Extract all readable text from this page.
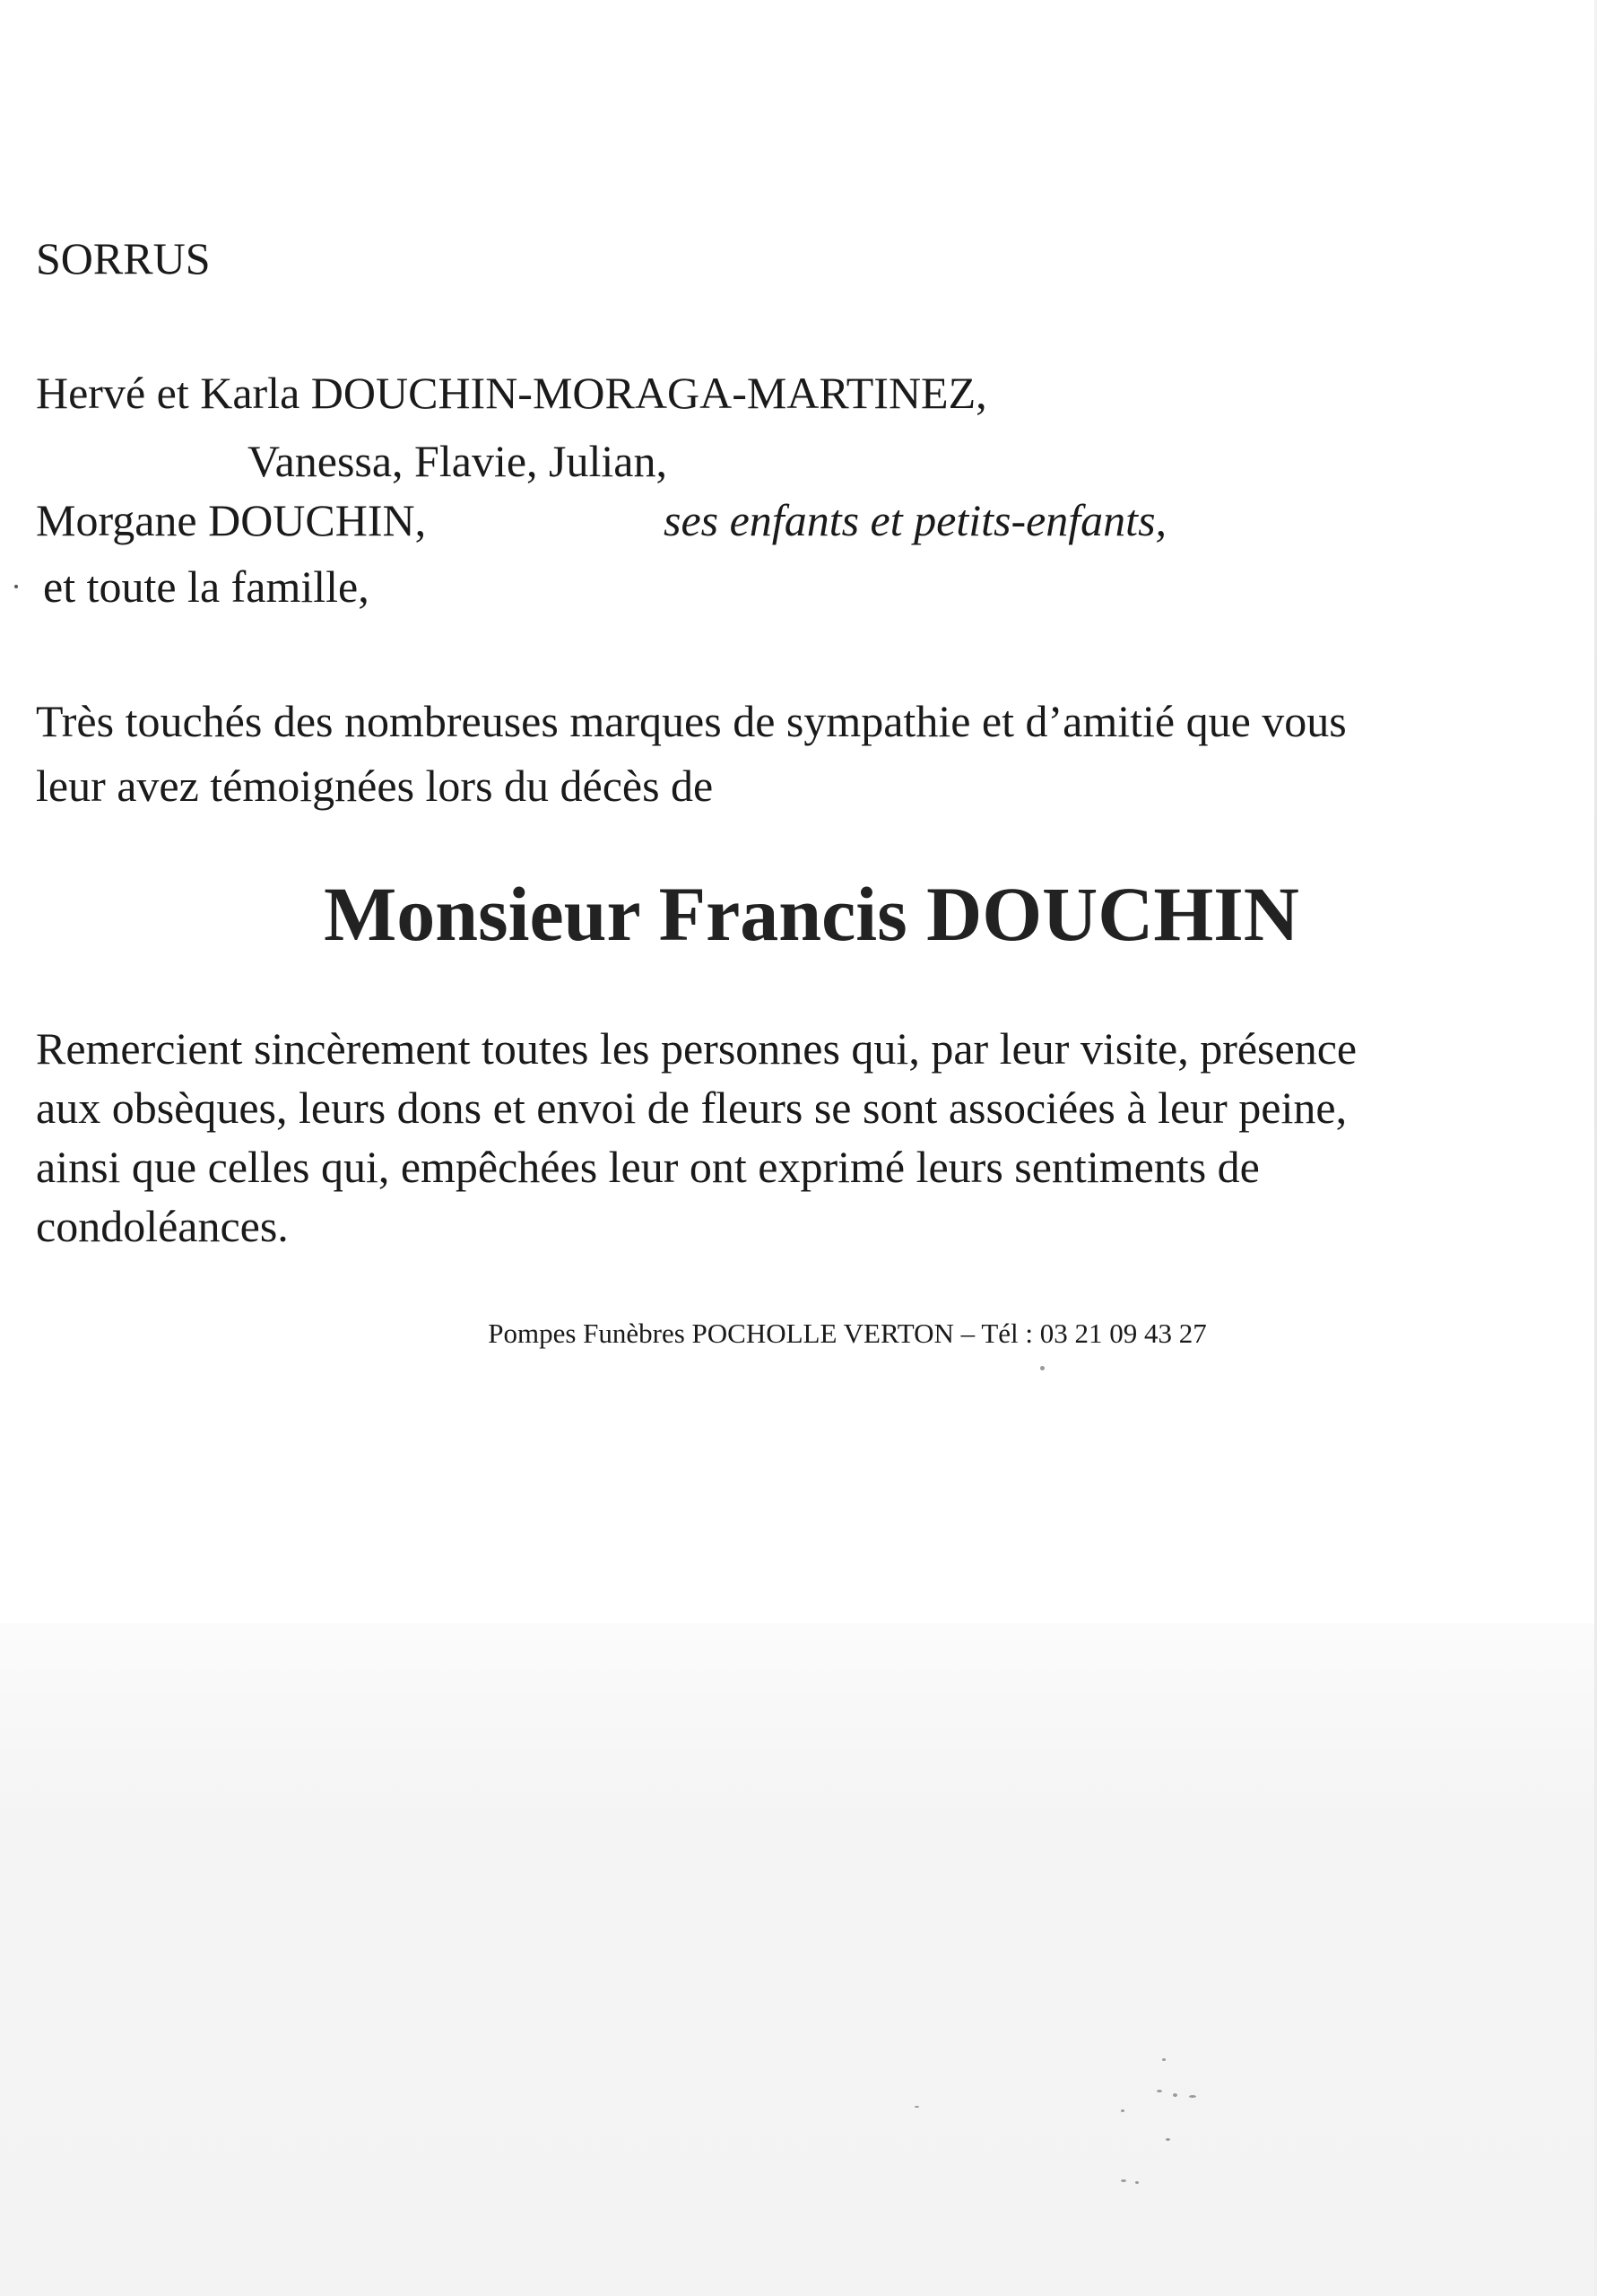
SORRUS
Hervé et Karla DOUCHIN-MORAGA-MARTINEZ,
Vanessa, Flavie, Julian,
Morgane DOUCHIN,	ses enfants et petits-enfants,
et toute la famille,
Très touchés des nombreuses marques de sympathie et d’amitié que vous
leur avez témoignées lors du décès de
Monsieur Francis DOUCHIN
Remercient sincèrement toutes les personnes qui, par leur visite, présence
aux obsèques, leurs dons et envoi de fleurs se sont associées à leur peine,
ainsi que celles qui, empêchées leur ont exprimé leurs sentiments de
condoléances.
Pompes Funèbres POCHOLLE VERTON – Tél : 03 21 09 43 27
